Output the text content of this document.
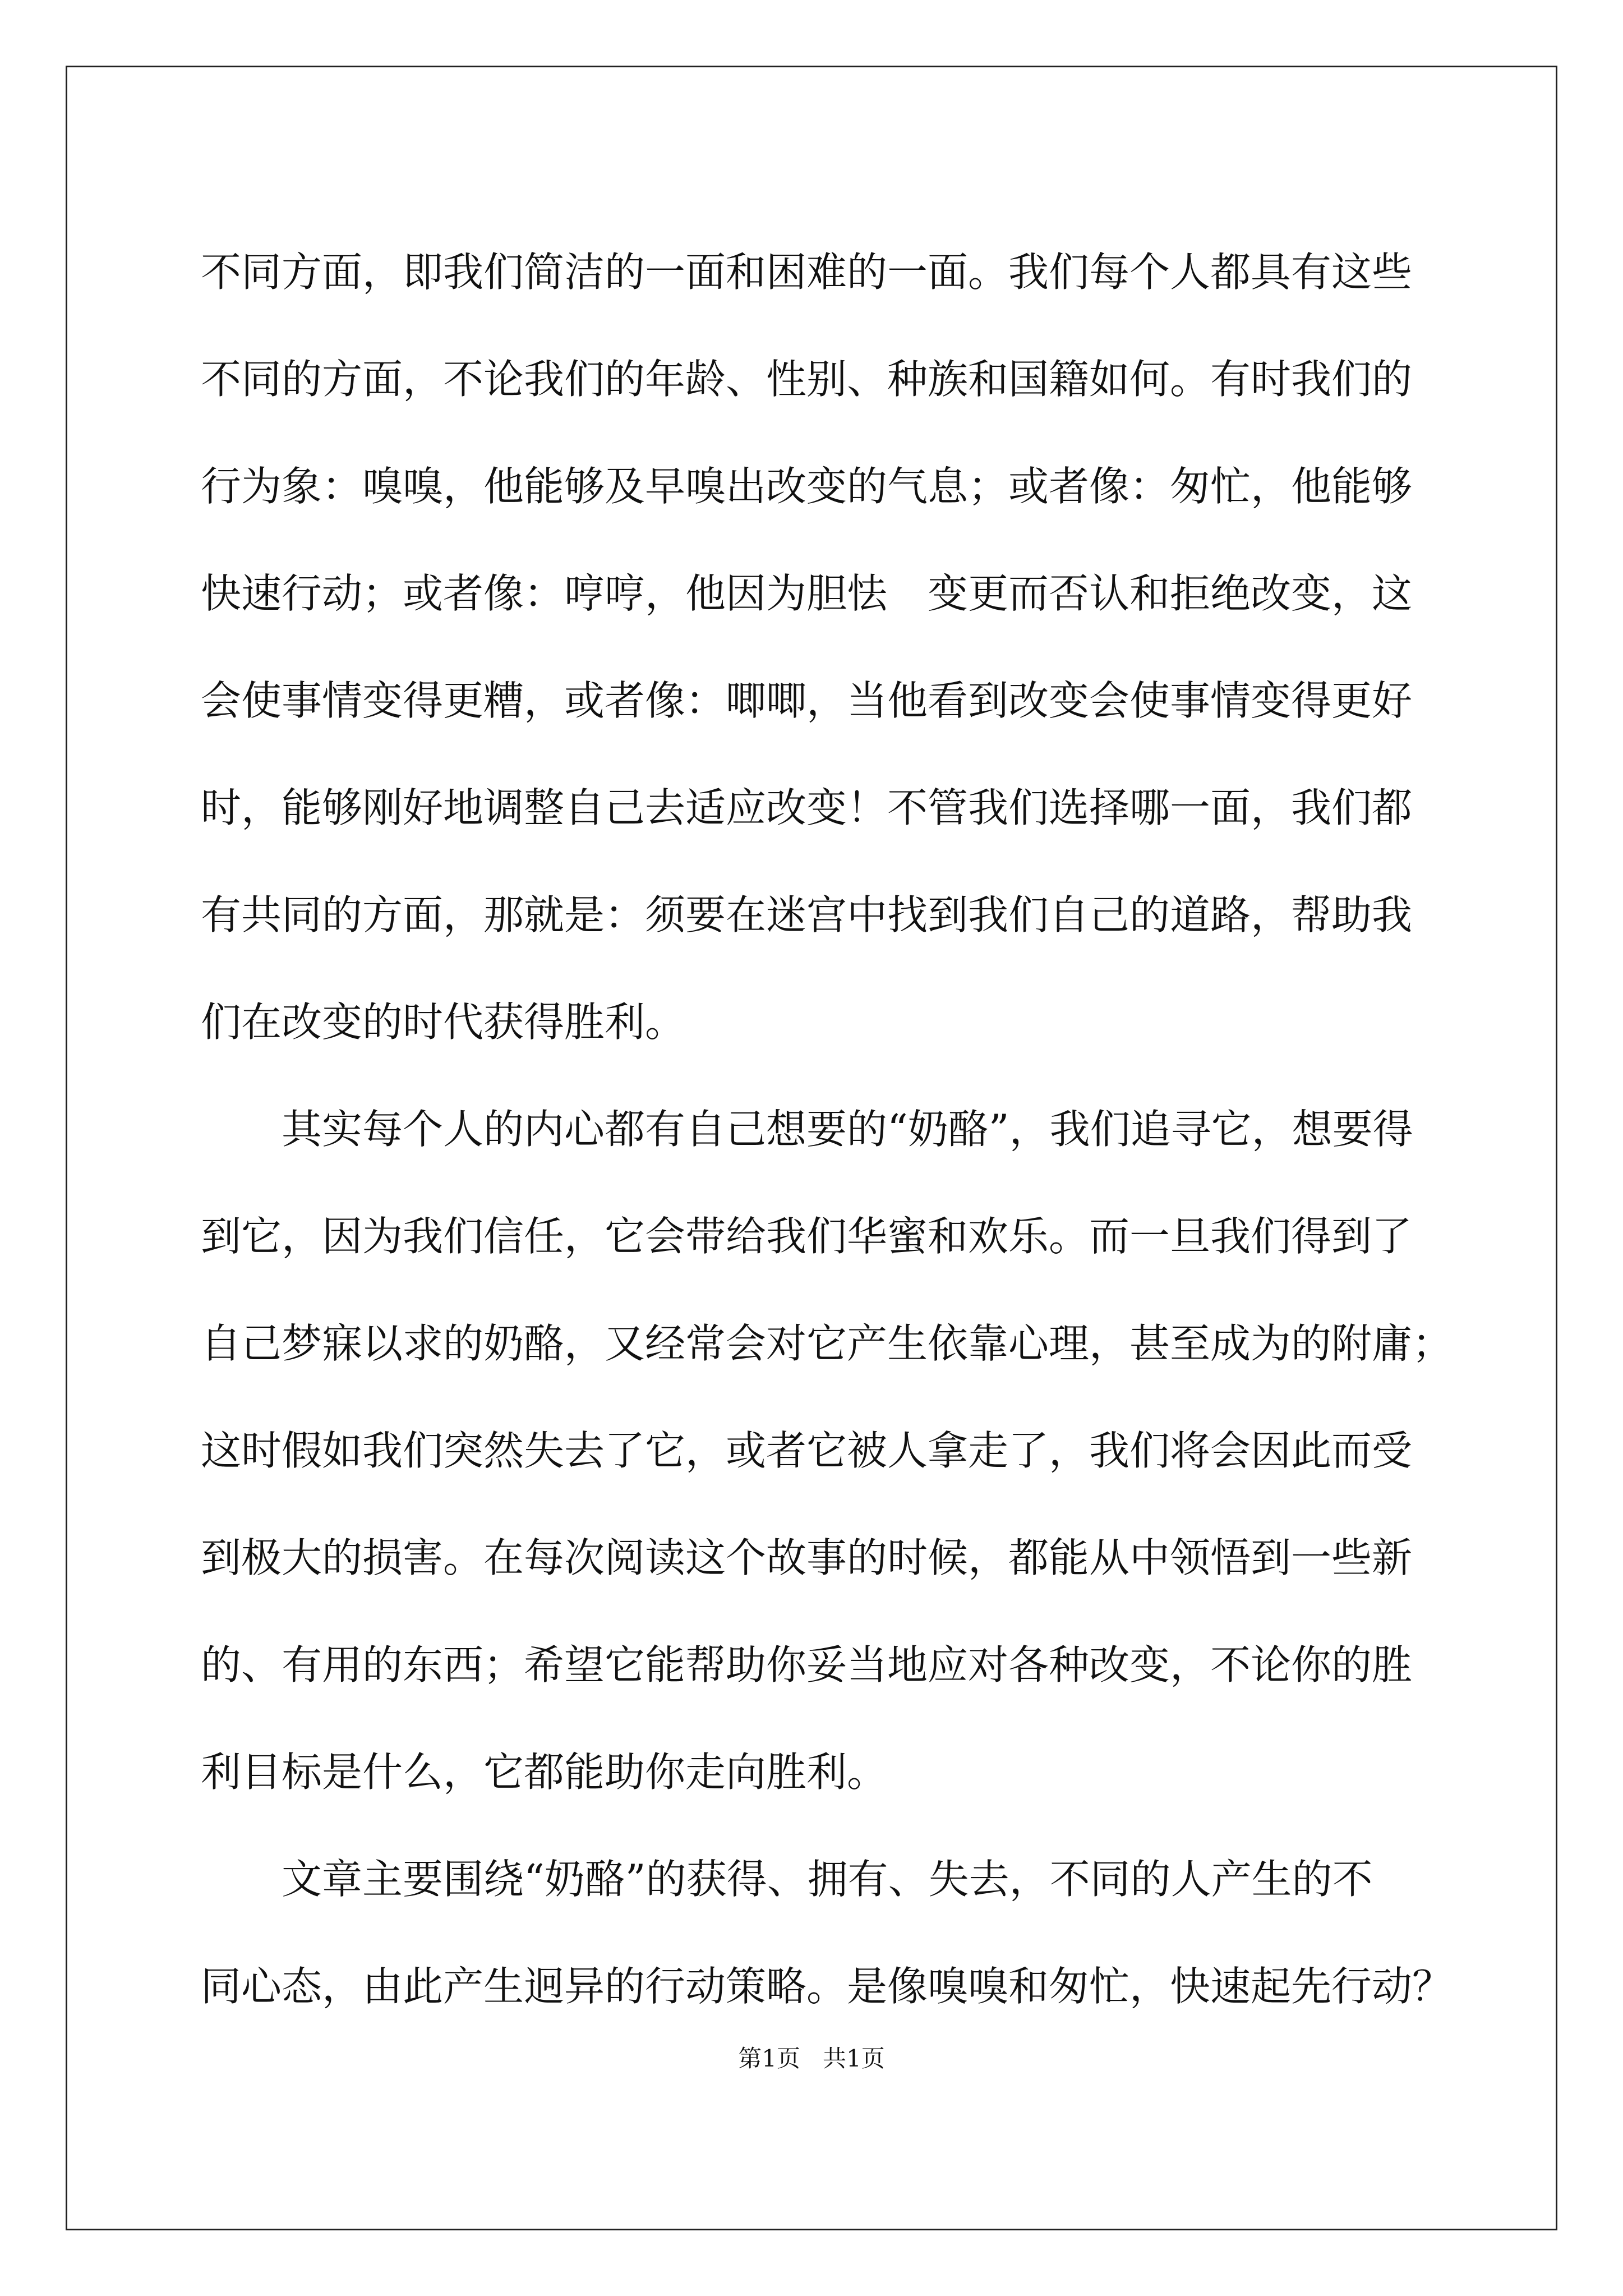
不同方面，即我们简洁的一面和困难的一面。我们每个人都具有这些
不同的方面，不论我们的年龄、性别、种族和国籍如何。有时我们的
行为象：嗅嗅，他能够及早嗅出改变的气息；或者像：匆忙，他能够
快速行动；或者像：哼哼，他因为胆怯　变更而否认和拒绝改变，这
会使事情变得更糟，或者像：唧唧，当他看到改变会使事情变得更好
时，能够刚好地调整自己去适应改变！不管我们选择哪一面，我们都
有共同的方面，那就是：须要在迷宫中找到我们自己的道路，帮助我
们在改变的时代获得胜利。
其实每个人的内心都有自己想要的“奶酪”，我们追寻它，想要得
到它，因为我们信任，它会带给我们华蜜和欢乐。而一旦我们得到了
自己梦寐以求的奶酪，又经常会对它产生依靠心理，甚至成为的附庸；
这时假如我们突然失去了它，或者它被人拿走了，我们将会因此而受
到极大的损害。在每次阅读这个故事的时候，都能从中领悟到一些新
的、有用的东西；希望它能帮助你妥当地应对各种改变，不论你的胜
利目标是什么，它都能助你走向胜利。
文章主要围绕“奶酪”的获得、拥有、失去，不同的人产生的不
同心态，由此产生迥异的行动策略。是像嗅嗅和匆忙，快速起先行动？
第1页 共1页
